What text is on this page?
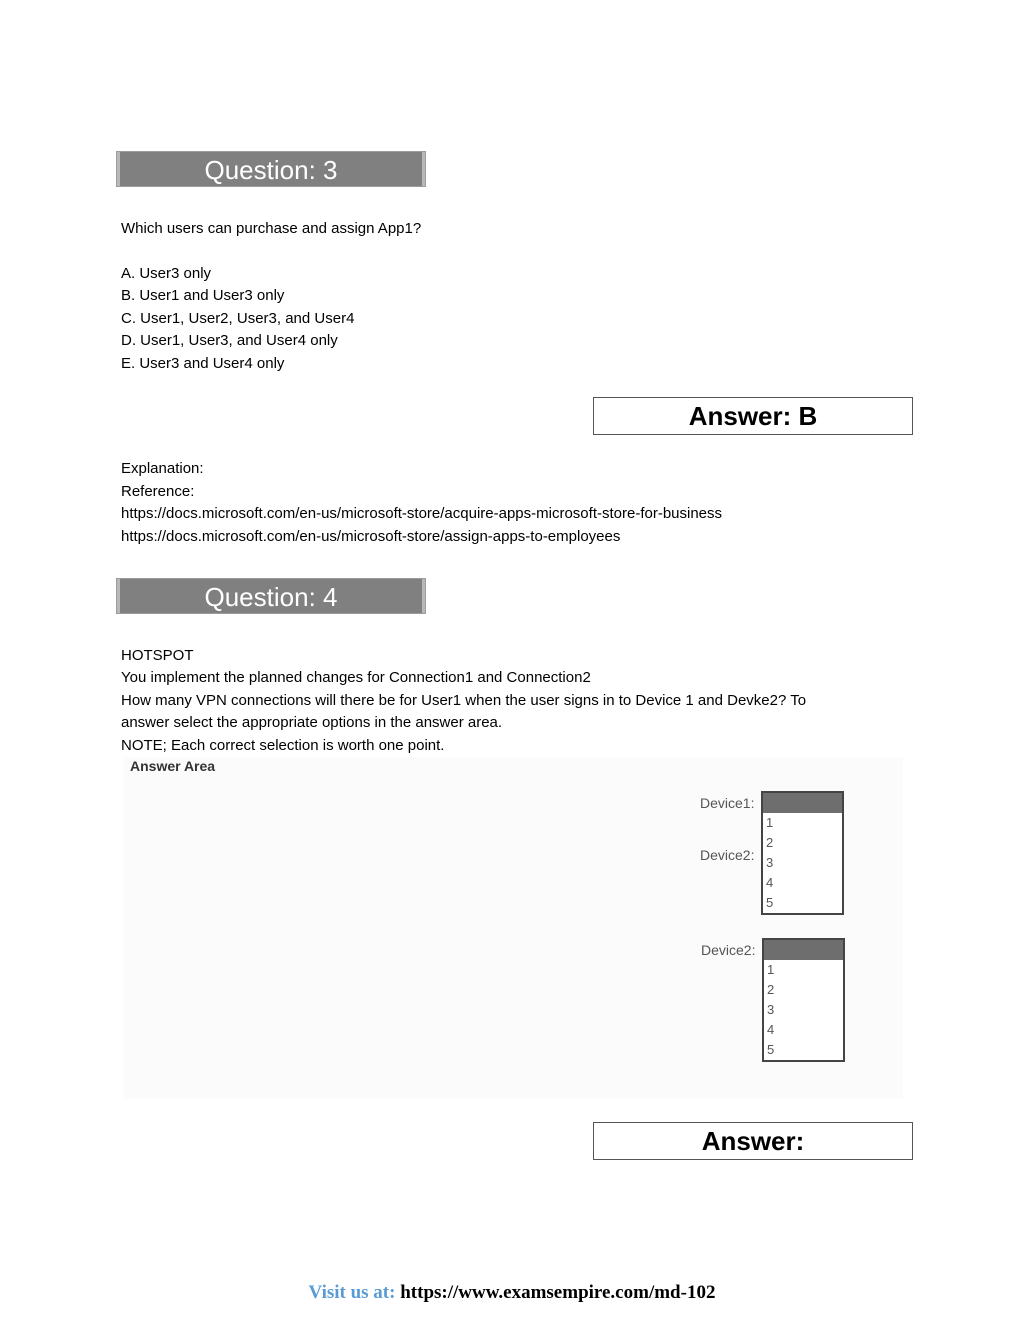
Question: 3
Which users can purchase and assign App1?
A. User3 only
B. User1 and User3 only
C. User1, User2, User3, and User4
D. User1, User3, and User4 only
E. User3 and User4 only
Answer: B
Explanation:
Reference:
https://docs.microsoft.com/en-us/microsoft-store/acquire-apps-microsoft-store-for-business
https://docs.microsoft.com/en-us/microsoft-store/assign-apps-to-employees
Question: 4
HOTSPOT
You implement the planned changes for Connection1 and Connection2
How many VPN connections will there be for User1 when the user signs in to Device 1 and Devke2? To
answer select the appropriate options in the answer area.
NOTE; Each correct selection is worth one point.
Answer Area
Device1:
Device2:
1
2
3
4
5
Device2:
1
2
3
4
5
Answer:
Visit us at: https://www.examsempire.com/md-102
